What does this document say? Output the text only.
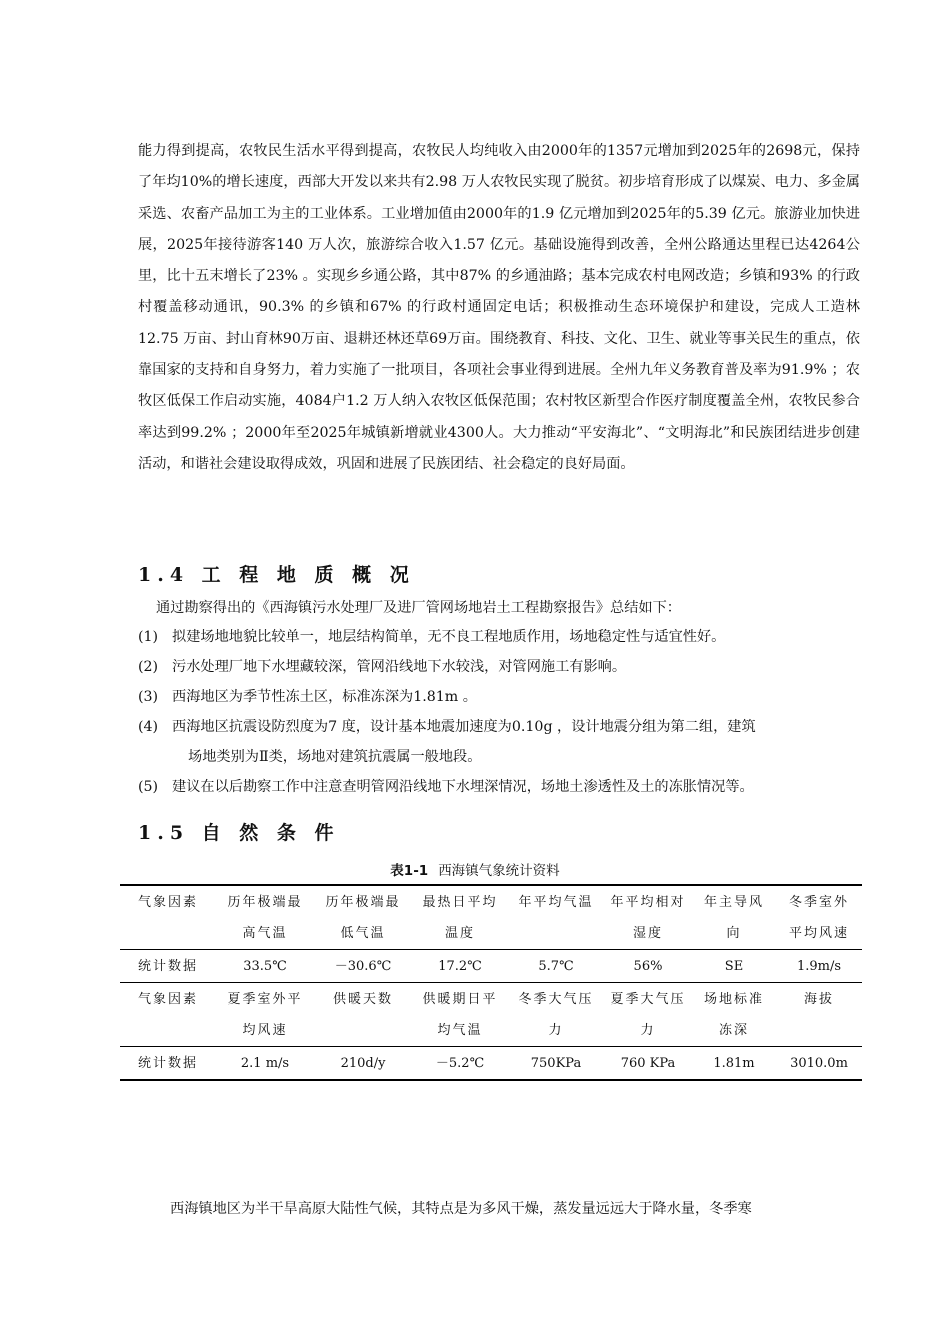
能力得到提高，农牧民生活水平得到提高，农牧民人均纯收入由2000年的1357元增加到2025年的2698元，保持了年均10%的增长速度，西部大开发以来共有2.98 万人农牧民实现了脱贫。初步培育形成了以煤炭、电力、多金属采选、农畜产品加工为主的工业体系。工业增加值由2000年的1.9 亿元增加到2025年的5.39 亿元。旅游业加快进展，2025年接待游客140 万人次，旅游综合收入1.57 亿元。基础设施得到改善，全州公路通达里程已达4264公里，比十五末增长了23% 。实现乡乡通公路，其中87% 的乡通油路；基本完成农村电网改造；乡镇和93% 的行政村覆盖移动通讯，90.3% 的乡镇和67% 的行政村通固定电话；积极推动生态环境保护和建设，完成人工造林12.75 万亩、封山育林90万亩、退耕还林还草69万亩。围绕教育、科技、文化、卫生、就业等事关民生的重点，依靠国家的支持和自身努力，着力实施了一批项目，各项社会事业得到进展。全州九年义务教育普及率为91.9% ；农牧区低保工作启动实施，4084户1.2 万人纳入农牧区低保范围；农村牧区新型合作医疗制度覆盖全州，农牧民参合率达到99.2% ；2000年至2025年城镇新增就业4300人。大力推动“平安海北”、“文明海北”和民族团结进步创建活动，和谐社会建设取得成效，巩固和进展了民族团结、社会稳定的良好局面。

1.4 工 程 地 质 概 况

通过勘察得出的《西海镇污水处理厂及进厂管网场地岩土工程勘察报告》总结如下：

(1) 拟建场地地貌比较单一，地层结构简单，无不良工程地质作用，场地稳定性与适宜性好。
(2) 污水处理厂地下水埋藏较深，管网沿线地下水较浅，对管网施工有影响。
(3) 西海地区为季节性冻土区，标准冻深为1.81m 。
(4) 西海地区抗震设防烈度为7 度，设计基本地震加速度为0.10g ，设计地震分组为第二组，建筑
场地类别为Ⅱ类，场地对建筑抗震属一般地段。
(5) 建议在以后勘察工作中注意查明管网沿线地下水埋深情况，场地土渗透性及土的冻胀情况等。
1.5 自 然 条 件

表1-1 西海镇气象统计资料

气象因素	历年极端最高气温	历年极端最低气温	最热日平均温度	年平均气温	年平均相对湿度	年主导风向	冬季室外平均风速
统计数据	33.5℃	－30.6℃	17.2℃	5.7℃	56%	SE	1.9m/s
气象因素	夏季室外平均风速	供暖天数	供暖期日平均气温	冬季大气压力	夏季大气压力	场地标准冻深	海拔
统计数据	2.1 m/s	210d/y	－5.2℃	750KPa	760 KPa	1.81m	3010.0m

西海镇地区为半干旱高原大陆性气候，其特点是为多风干燥，蒸发量远远大于降水量，冬季寒
